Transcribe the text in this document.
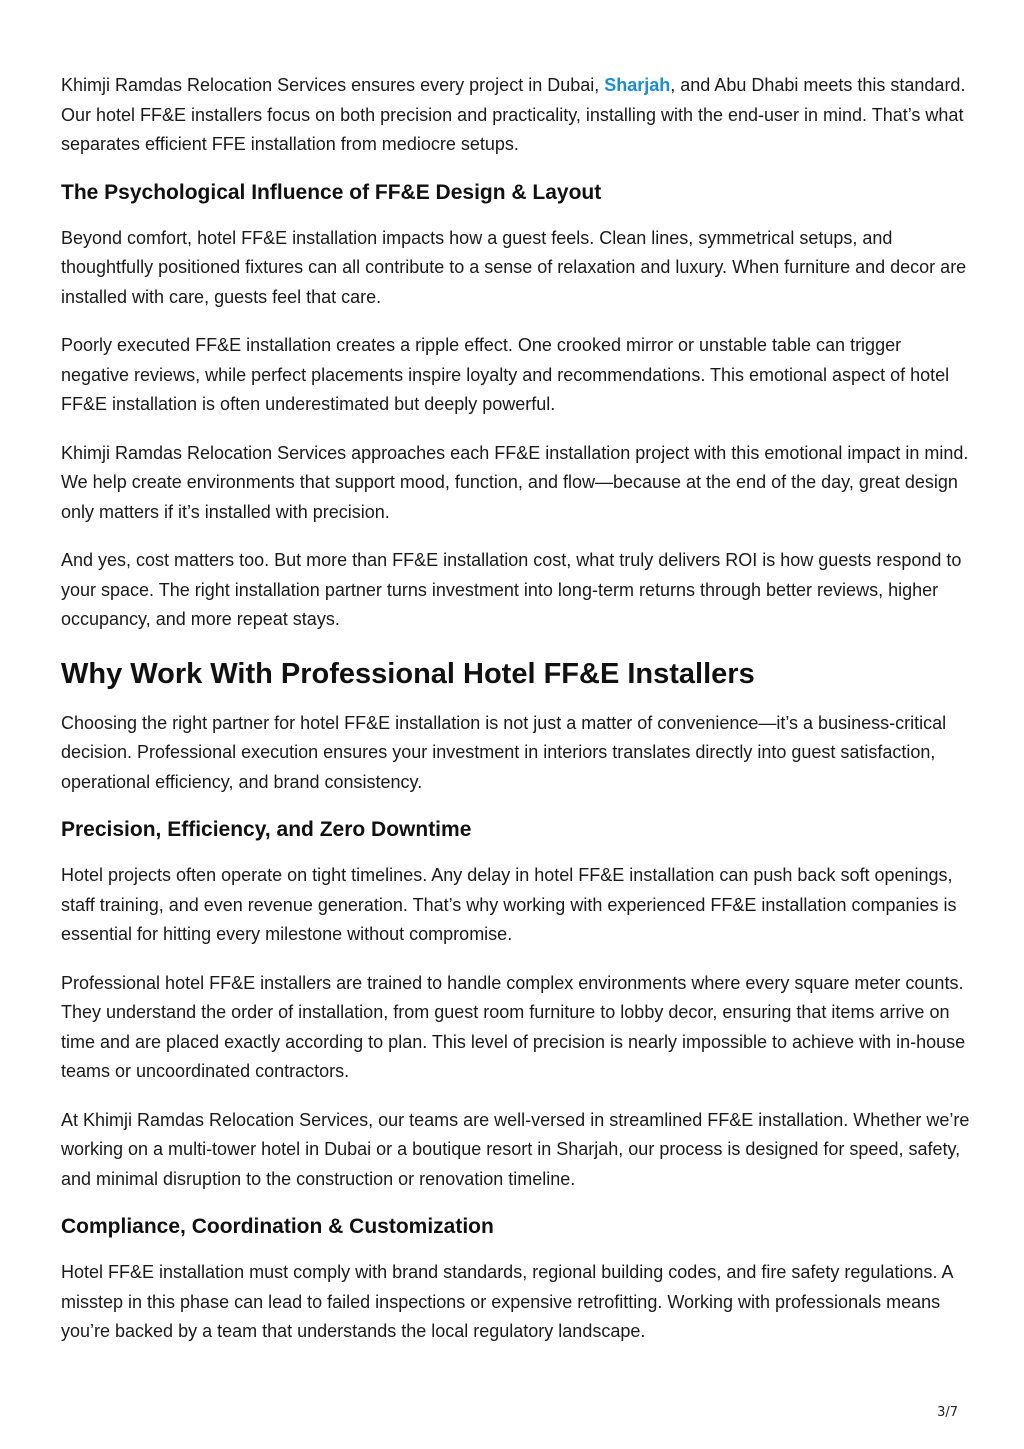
Khimji Ramdas Relocation Services ensures every project in Dubai, Sharjah, and Abu Dhabi meets this standard. Our hotel FF&E installers focus on both precision and practicality, installing with the end-user in mind. That’s what separates efficient FFE installation from mediocre setups.

The Psychological Influence of FF&E Design & Layout

Beyond comfort, hotel FF&E installation impacts how a guest feels. Clean lines, symmetrical setups, and thoughtfully positioned fixtures can all contribute to a sense of relaxation and luxury. When furniture and decor are installed with care, guests feel that care.

Poorly executed FF&E installation creates a ripple effect. One crooked mirror or unstable table can trigger negative reviews, while perfect placements inspire loyalty and recommendations. This emotional aspect of hotel FF&E installation is often underestimated but deeply powerful.

Khimji Ramdas Relocation Services approaches each FF&E installation project with this emotional impact in mind. We help create environments that support mood, function, and flow—because at the end of the day, great design only matters if it’s installed with precision.

And yes, cost matters too. But more than FF&E installation cost, what truly delivers ROI is how guests respond to your space. The right installation partner turns investment into long-term returns through better reviews, higher occupancy, and more repeat stays.

Why Work With Professional Hotel FF&E Installers

Choosing the right partner for hotel FF&E installation is not just a matter of convenience—it’s a business-critical decision. Professional execution ensures your investment in interiors translates directly into guest satisfaction, operational efficiency, and brand consistency.

Precision, Efficiency, and Zero Downtime

Hotel projects often operate on tight timelines. Any delay in hotel FF&E installation can push back soft openings, staff training, and even revenue generation. That’s why working with experienced FF&E installation companies is essential for hitting every milestone without compromise.

Professional hotel FF&E installers are trained to handle complex environments where every square meter counts. They understand the order of installation, from guest room furniture to lobby decor, ensuring that items arrive on time and are placed exactly according to plan. This level of precision is nearly impossible to achieve with in-house teams or uncoordinated contractors.

At Khimji Ramdas Relocation Services, our teams are well-versed in streamlined FF&E installation. Whether we’re working on a multi-tower hotel in Dubai or a boutique resort in Sharjah, our process is designed for speed, safety, and minimal disruption to the construction or renovation timeline.

Compliance, Coordination & Customization

Hotel FF&E installation must comply with brand standards, regional building codes, and fire safety regulations. A misstep in this phase can lead to failed inspections or expensive retrofitting. Working with professionals means you’re backed by a team that understands the local regulatory landscape.

3/7
